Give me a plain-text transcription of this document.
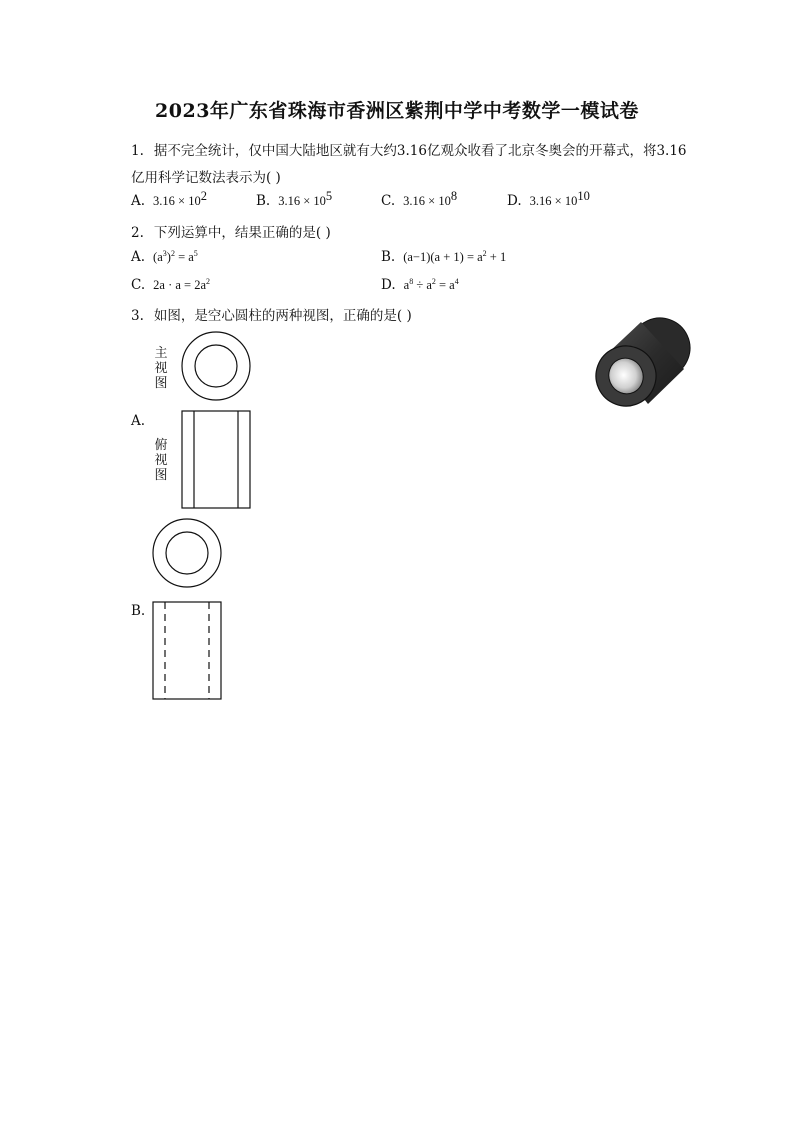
2023年广东省珠海市香洲区紫荆中学中考数学一模试卷
1. 据不完全统计，仅中国大陆地区就有大约3.16亿观众收看了北京冬奥会的开幕式，将3.16
亿用科学记数法表示为( )
A. $3.16 \times 10^2$	B. $3.16 \times 10^5$	C. $3.16 \times 10^8$	D. $3.16 \times 10^{10}$
2. 下列运算中，结果正确的是( )
A. $(a^3)^2 = a^5$	B. $(a-1)(a + 1) = a^2 + 1$
C. $2a \cdot a = 2a^2$	D. $a^8 \div a^2 = a^4$
3. 如图，是空心圆柱的两种视图，正确的是( )
主
视
图
A.
俯
视
图
B.
